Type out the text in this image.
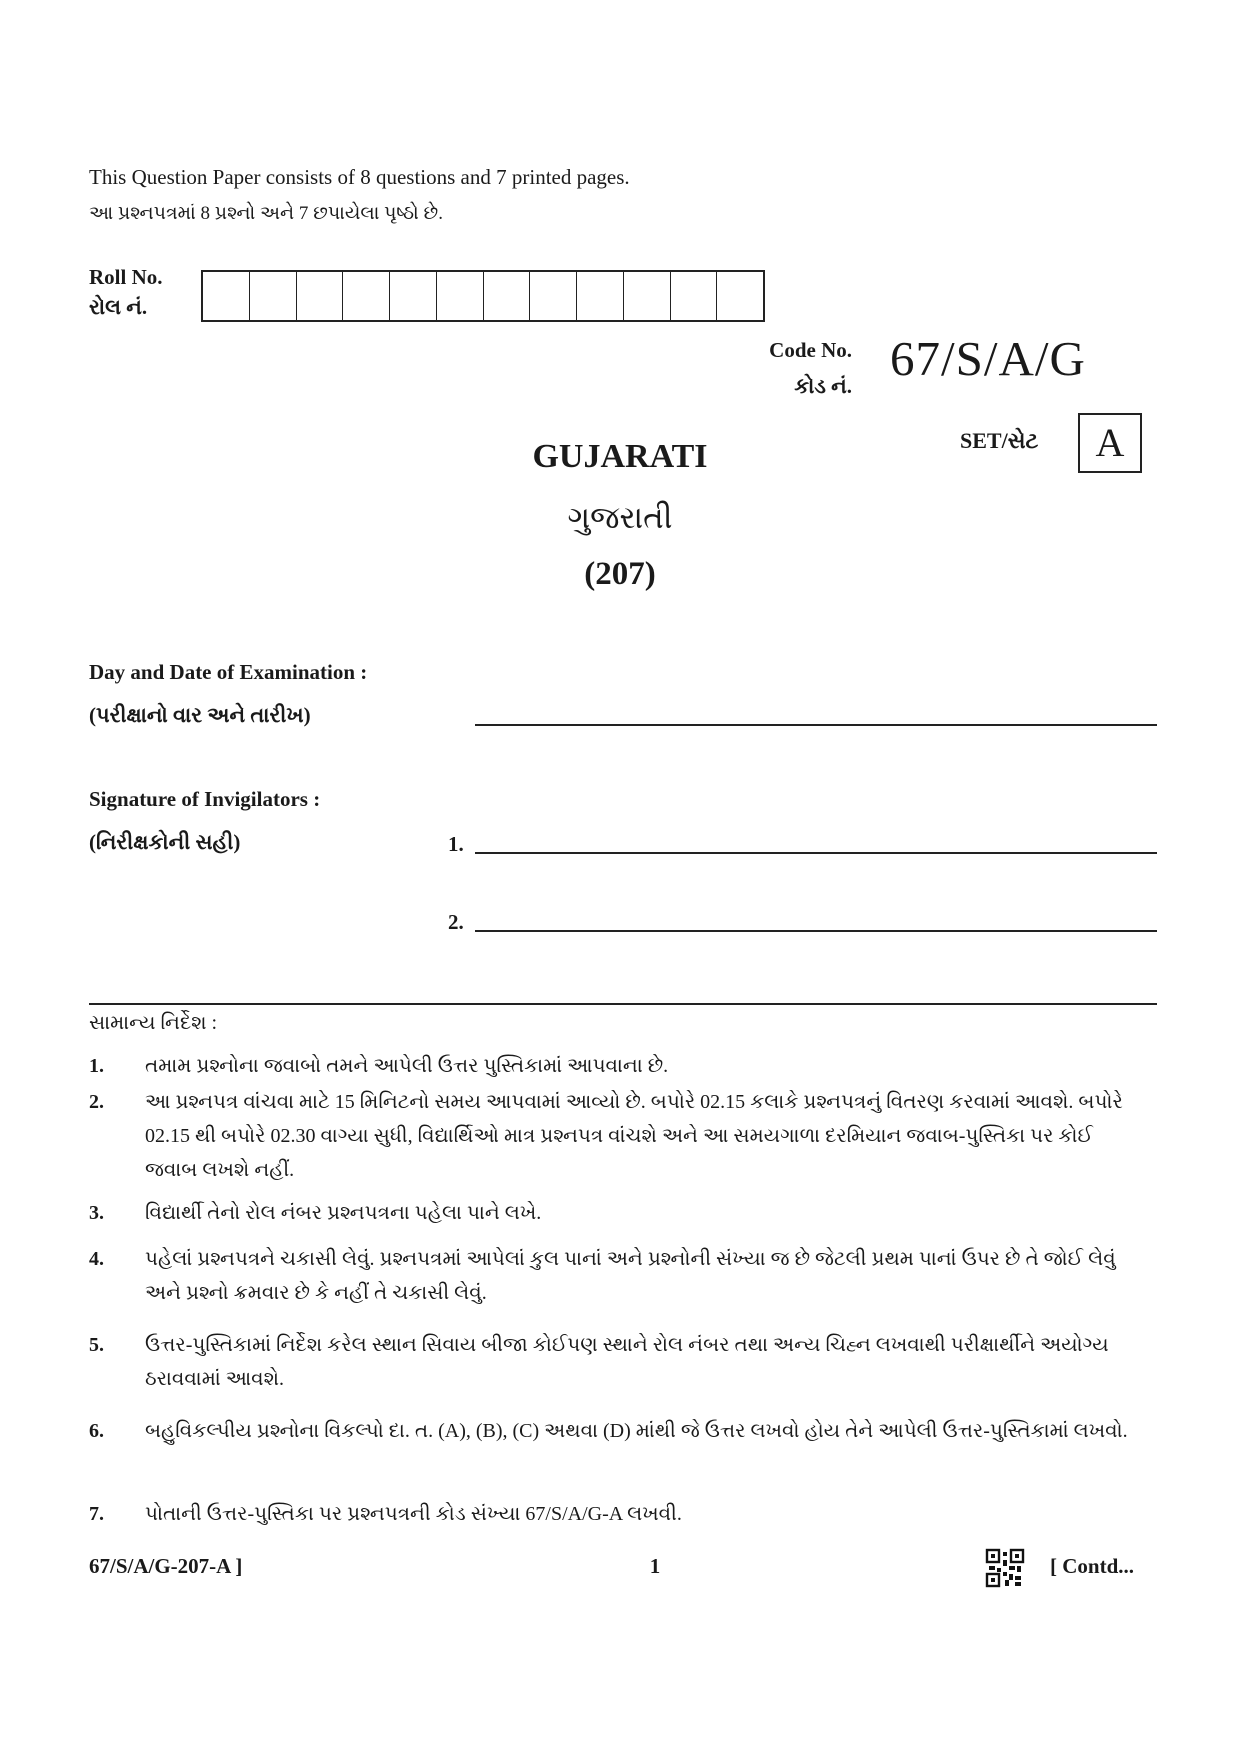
This Question Paper consists of 8 questions and 7 printed pages.
આ પ્રશ્નપત્રમાં 8 પ્રશ્નો અને 7 છપાયેલા પૃષ્ઠો છે.
Roll No.
રોલ નં.
Code No.
કોડ નં. 67/S/A/G
SET/સેટ	A
GUJARATI
ગુજરાતી
(207)
Day and Date of Examination :
(પરીક્ષાનો વાર અને તારીખ)
Signature of Invigilators :
(નિરીક્ષકોની સહી)	1.
2.
સામાન્ય નિર્દેશ :
1.	તમામ પ્રશ્નોના જવાબો તમને આપેલી ઉત્તર પુસ્તિકામાં આપવાના છે.
2.	આ પ્રશ્નપત્ર વાંચવા માટે 15 મિનિટનો સમય આપવામાં આવ્યો છે. બપોરે 02.15 કલાકે પ્રશ્નપત્રનું વિતરણ કરવામાં આવશે. બપોરે 02.15 થી બપોરે 02.30 વાગ્યા સુધી, વિદ્યાર્થિઓ માત્ર પ્રશ્નપત્ર વાંચશે અને આ સમયગાળા દરમિયાન જવાબ-પુસ્તિકા પર કોઈ જવાબ લખશે નહીં.
3.	વિદ્યાર્થી તેનો રોલ નંબર પ્રશ્નપત્રના પહેલા પાને લખે.
4.	પહેલાં પ્રશ્નપત્રને ચકાસી લેવું. પ્રશ્નપત્રમાં આપેલાં કુલ પાનાં અને પ્રશ્નોની સંખ્યા જ છે જેટલી પ્રથમ પાનાં ઉપર છે તે જોઈ લેવું અને પ્રશ્નો ક્રમવાર છે કે નહીં તે ચકાસી લેવું.
5.	ઉત્તર-પુસ્તિકામાં નિર્દેશ કરેલ સ્થાન સિવાય બીજા કોઈપણ સ્થાને રોલ નંબર તથા અન્ય ચિહ્ન લખવાથી પરીક્ષાર્થીને અયોગ્ય ઠરાવવામાં આવશે.
6.	બહુવિકલ્પીય પ્રશ્નોના વિકલ્પો દા. ત. (A), (B), (C) અથવા (D) માંથી જે ઉત્તર લખવો હોય તેને આપેલી ઉત્તર-પુસ્તિકામાં લખવો.
7.	પોતાની ઉત્તર-પુસ્તિકા પર પ્રશ્નપત્રની કોડ સંખ્યા 67/S/A/G-A લખવી.
67/S/A/G-207-A ]	1	[ Contd...
